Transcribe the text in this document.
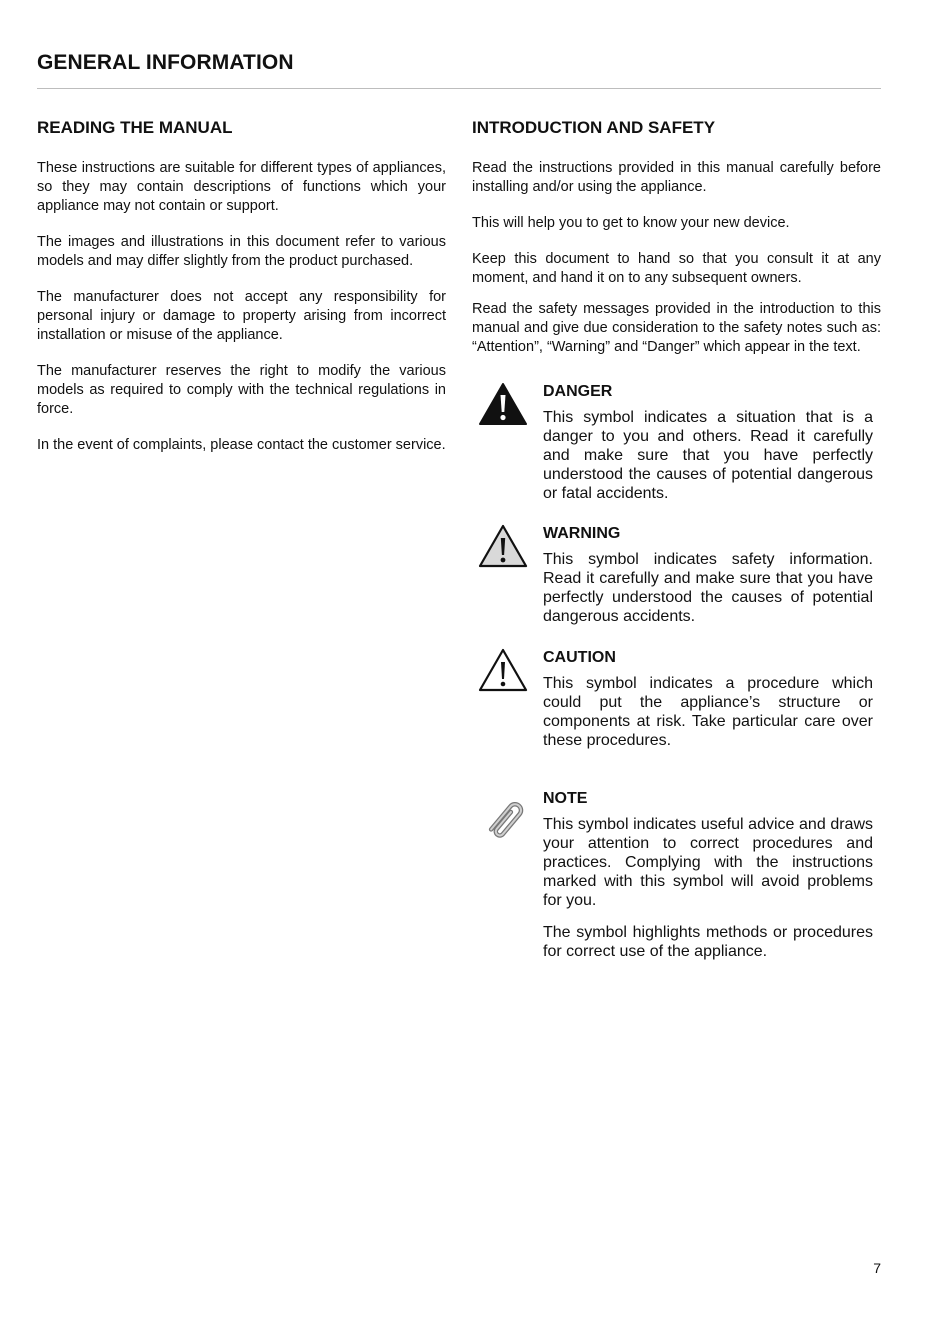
GENERAL INFORMATION
READING THE MANUAL

These instructions are suitable for different types of appliances, so they may contain descriptions of functions which your appliance may not contain or support.

The images and illustrations in this document refer to various models and may differ slightly from the product purchased.

The manufacturer does not accept any responsibility for personal injury or damage to property arising from incorrect installation or misuse of the appliance.

The manufacturer reserves the right to modify the various models as required to comply with the technical regulations in force.

In the event of complaints, please contact the customer service.

INTRODUCTION AND SAFETY

Read the instructions provided in this manual carefully before installing and/or using the appliance.

This will help you to get to know your new device.

Keep this document to hand so that you consult it at any moment, and hand it on to any subsequent owners.

Read the safety messages provided in the introduction to this manual and give due consideration to the safety notes such as: “Attention”, “Warning” and “Danger” which appear in the text.

DANGER

This symbol indicates a situation that is a danger to you and others. Read it carefully and make sure that you have perfectly understood the causes of potential dangerous or fatal accidents.

WARNING

This symbol indicates safety information. Read it carefully and make sure that you have perfectly understood the causes of potential dangerous accidents.

CAUTION

This symbol indicates a procedure which could put the appliance’s structure or components at risk. Take particular care over these procedures.

NOTE

This symbol indicates useful advice and draws your attention to correct procedures and practices. Complying with the instructions marked with this symbol will avoid problems for you.

The symbol highlights methods or procedures for correct use of the appliance.

7
